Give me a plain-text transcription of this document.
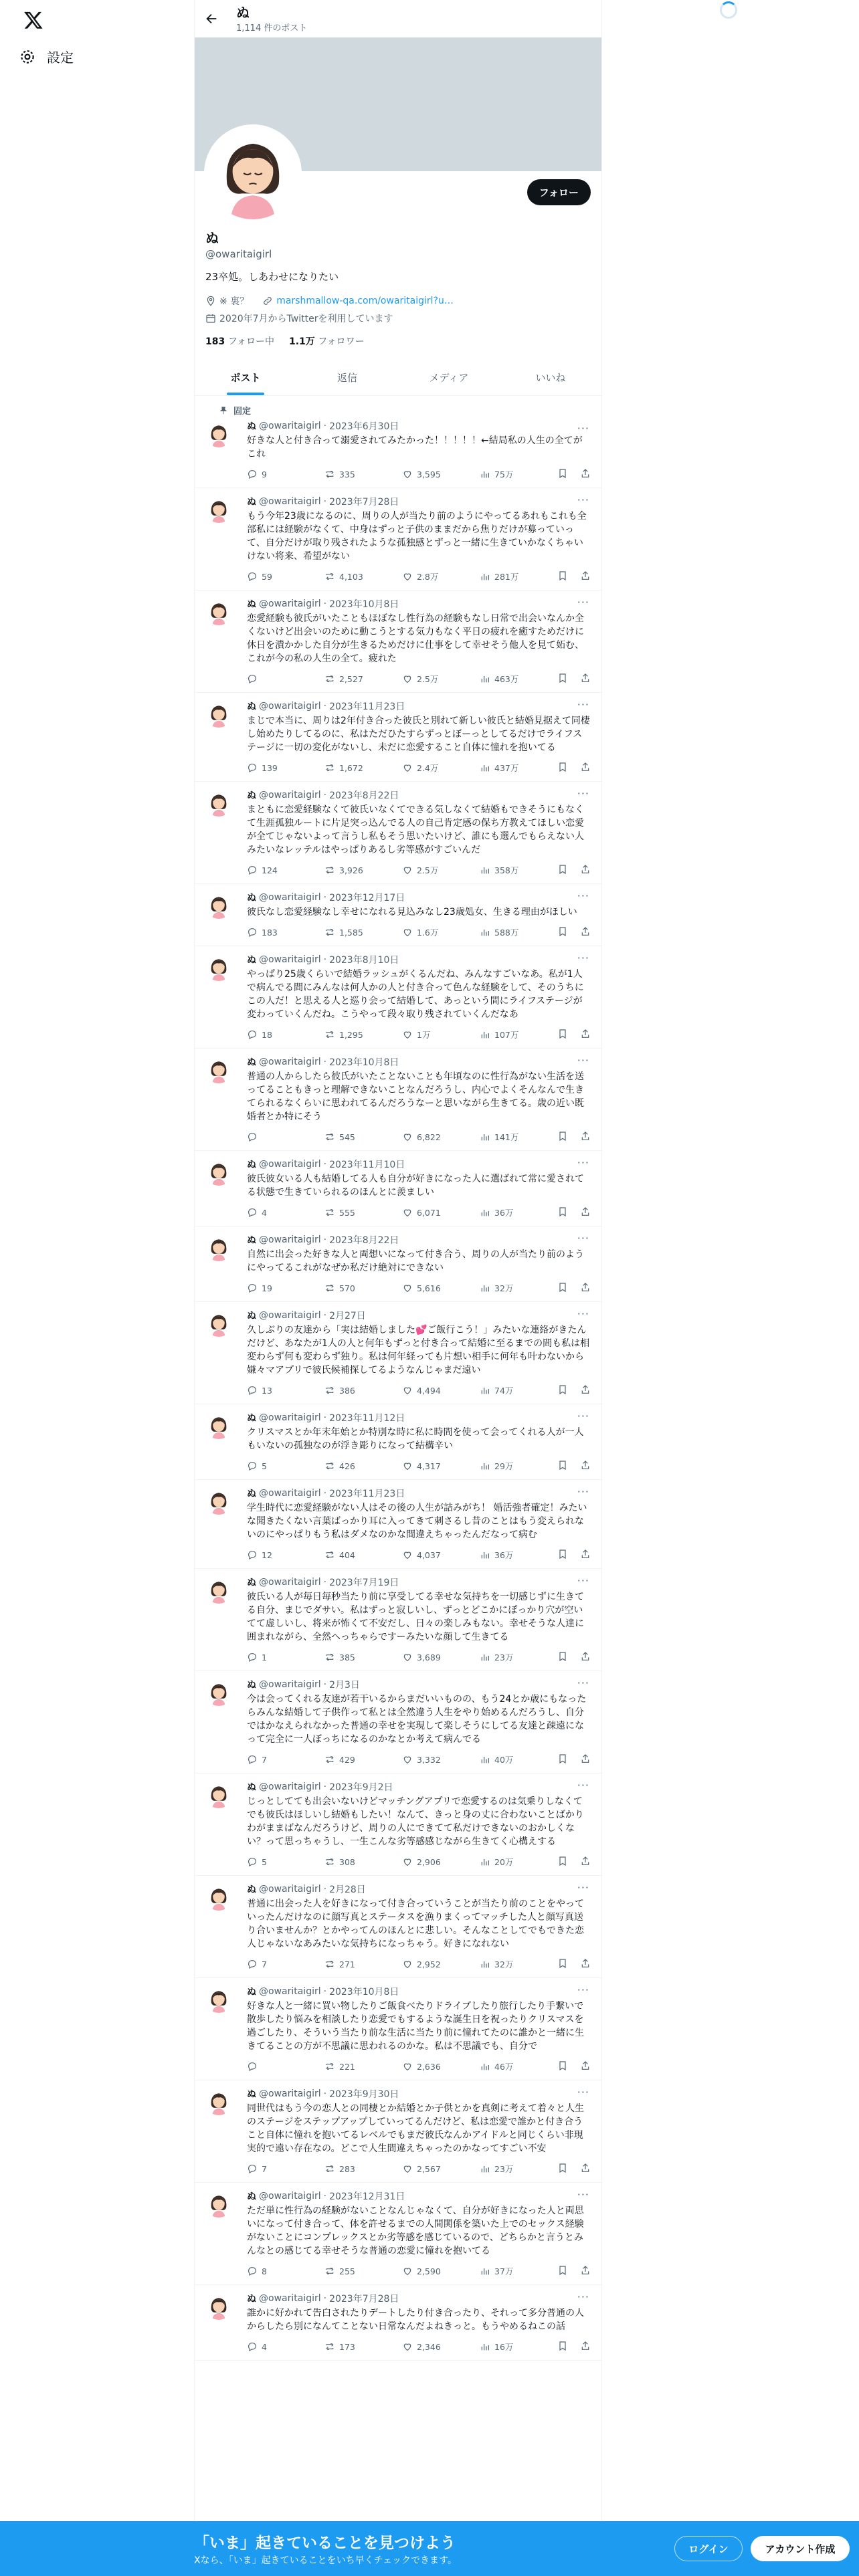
設定
ぬ
1,114 件のポスト
フォロー
ぬ
@owaritaigirl
23卒処。しあわせになりたい
※ 裏？	marshmallow-qa.com/owaritaigirl?u…
2020年7月からTwitterを利用しています
183 フォロー中 1.1万 フォロワー
ポスト	返信	メディア	いいね
固定
ぬ @owaritaigirl · 2023年6月30日	···
好きな人と付き合って溺愛されてみたかった！！！！！←結局私の人生の全てがこれ
9	335	3,595	75万
ぬ @owaritaigirl · 2023年7月28日	···
もう今年23歳になるのに、周りの人が当たり前のようにやってるあれもこれも全部私には経験がなくて、中身はずっと子供のままだから焦りだけが募っていって、自分だけが取り残されたような孤独感とずっと一緒に生きていかなくちゃいけない将来、希望がない
59	4,103	2.8万	281万
ぬ @owaritaigirl · 2023年10月8日	···
恋愛経験も彼氏がいたこともほぼなし性行為の経験もなし日常で出会いなんか全くないけど出会いのために動こうとする気力もなく平日の疲れを癒すためだけに休日を潰かかした自分が生きるためだけに仕事をして幸せそう他人を見て妬む、これが今の私の人生の全て。疲れた
2,527	2.5万	463万
ぬ @owaritaigirl · 2023年11月23日	···
まじで本当に、周りは2年付き合った彼氏と別れて新しい彼氏と結婚見据えて同棲し始めたりしてるのに、私はただひたすらずっとぼーっとしてるだけでライフステージに一切の変化がないし、未だに恋愛すること自体に憧れを抱いてる
139	1,672	2.4万	437万
ぬ @owaritaigirl · 2023年8月22日	···
まともに恋愛経験なくて彼氏いなくてできる気しなくて結婚もできそうにもなくて生涯孤独ルートに片足突っ込んでる人の自己肯定感の保ち方教えてほしい恋愛が全てじゃないよって言うし私もそう思いたいけど、誰にも選んでもらえない人みたいなレッテルはやっぱりあるし劣等感がすごいんだ
124	3,926	2.5万	358万
ぬ @owaritaigirl · 2023年12月17日	···
彼氏なし恋愛経験なし幸せになれる見込みなし23歳処女、生きる理由がほしい
183	1,585	1.6万	588万
ぬ @owaritaigirl · 2023年8月10日	···
やっぱり25歳くらいで結婚ラッシュがくるんだね、みんなすごいなあ。私が1人で病んでる間にみんなは何人かの人と付き合って色んな経験をして、そのうちにこの人だ！と思える人と巡り会って結婚して、あっという間にライフステージが変わっていくんだね。こうやって段々取り残されていくんだなあ
18	1,295	1万	107万
ぬ @owaritaigirl · 2023年10月8日	···
普通の人からしたら彼氏がいたことないことも年頃なのに性行為がない生活を送ってることもきっと理解できないことなんだろうし、内心でよくそんなんで生きてられるなくらいに思われてるんだろうなーと思いながら生きてる。歳の近い既婚者とか特にそう
545	6,822	141万
ぬ @owaritaigirl · 2023年11月10日	···
彼氏彼女いる人も結婚してる人も自分が好きになった人に選ばれて常に愛されてる状態で生きていられるのほんとに羨ましい
4	555	6,071	36万
ぬ @owaritaigirl · 2023年8月22日	···
自然に出会った好きな人と両想いになって付き合う、周りの人が当たり前のようにやってるこれがなぜか私だけ絶対にできない
19	570	5,616	32万
ぬ @owaritaigirl · 2月27日	···
久しぶりの友達から「実は結婚しました💕ご飯行こう！」みたいな連絡がきたんだけど、あなたが1人の人と何年もずっと付き合って結婚に至るまでの間も私は相変わらず何も変わらず独り。私は何年経っても片想い相手に何年も叶わないから嫌々マアプリで彼氏候補探してるようなんじゃまだ遠い
13	386	4,494	74万
ぬ @owaritaigirl · 2023年11月12日	···
クリスマスとか年末年始とか特別な時に私に時間を使って会ってくれる人が一人もいないの孤独なのが浮き彫りになって結構辛い
5	426	4,317	29万
ぬ @owaritaigirl · 2023年11月23日	···
学生時代に恋愛経験がない人はその後の人生が詰みがち！ 婚活強者確定！みたいな聞きたくない言葉ばっかり耳に入ってきて刺さるし昔のことはもう変えられないのにやっぱりもう私はダメなのかな間違えちゃったんだなって病む
12	404	4,037	36万
ぬ @owaritaigirl · 2023年7月19日	···
彼氏いる人が毎日毎秒当たり前に享受してる幸せな気持ちを一切感じずに生きてる自分、まじでダサい。私はずっと寂しいし、ずっとどこかにぽっかり穴が空いてて虚しいし、将来が怖くて不安だし、日々の楽しみもない。幸せそうな人達に囲まれながら、全然へっちゃらですーみたいな顔して生きてる
1	385	3,689	23万
ぬ @owaritaigirl · 2月3日	···
今は会ってくれる友達が若干いるからまだいいものの、もう24とか歳にもなったらみんな結婚して子供作って私とは全然違う人生をやり始めるんだろうし、自分ではかなえられなかった普通の幸せを実現して楽しそうにしてる友達と疎遠になって完全に一人ぼっちになるのかなとか考えて病んでる
7	429	3,332	40万
ぬ @owaritaigirl · 2023年9月2日	···
じっとしてても出会いないけどマッチングアプリで恋愛するのは気乗りしなくてでも彼氏はほしいし結婚もしたい！なんて、きっと身の丈に合わないことばかりわがままばなんだろうけど、周りの人にできてて私だけできないのおかしくない？って思っちゃうし、一生こんな劣等感感じながら生きてく心構えする
5	308	2,906	20万
ぬ @owaritaigirl · 2月28日	···
普通に出会った人を好きになって付き合っていうことが当たり前のことをやっていったんだけなのに顔写真とステータスを漁りまくってマッチした人と顔写真送り合いませんか？とかやってんのほんとに悲しい。そんなことしてでもできた恋人じゃないなあみたいな気持ちになっちゃう。好きになれない
7	271	2,952	32万
ぬ @owaritaigirl · 2023年10月8日	···
好きな人と一緒に買い物したりご飯食べたりドライブしたり旅行したり手繋いで散歩したり悩みを相談したり恋愛でもするような誕生日を祝ったりクリスマスを過ごしたり、そういう当たり前な生活に当たり前に憧れてたのに誰かと一緒に生きてることの方が不思議に思われるのかな。私は不思議でも、自分で
221	2,636	46万
ぬ @owaritaigirl · 2023年9月30日	···
同世代はもう今の恋人との同棲とか結婚とか子供とかを真剣に考えて着々と人生のステージをステップアップしていってるんだけど、私は恋愛で誰かと付き合うこと自体に憧れを抱いてるレベルでもまだ彼氏なんかアイドルと同じくらい非現実的で遠い存在なの。どこで人生間違えちゃったのかなってすごい不安
7	283	2,567	23万
ぬ @owaritaigirl · 2023年12月31日	···
ただ単に性行為の経験がないことなんじゃなくて、自分が好きになった人と両思いになって付き合って、体を許せるまでの人間関係を築いた上でのセックス経験がないことにコンプレックスとか劣等感を感じているので、どちらかと言うとみんなとの感じてる幸せそうな普通の恋愛に憧れを抱いてる
8	255	2,590	37万
ぬ @owaritaigirl · 2023年7月28日	···
誰かに好かれて告白されたりデートしたり付き合ったり、それって多分普通の人からしたら別になんてことない日常なんだよねきっと。もうやめるねこの話
4	173	2,346	16万
「いま」起きていることを見つけよう
Xなら、「いま」起きていることをいち早くチェックできます。
ログイン	アカウント作成
